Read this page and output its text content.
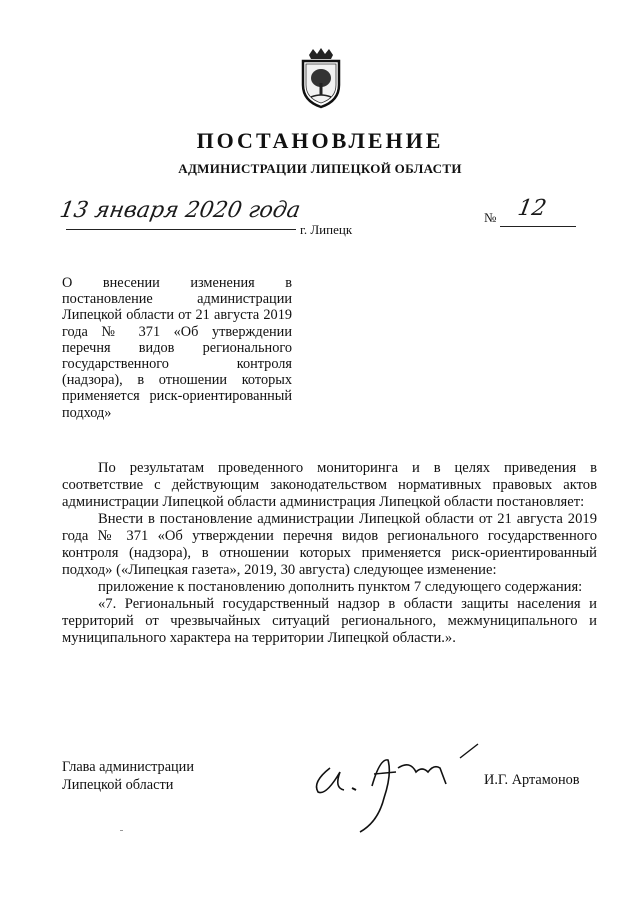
ПОСТАНОВЛЕНИЕ
АДМИНИСТРАЦИИ ЛИПЕЦКОЙ ОБЛАСТИ
13 января 2020 года
г. Липецк
№ 12
О внесении изменения в постановление администрации Липецкой области от 21 августа 2019 года № 371 «Об утверждении перечня видов регионального государственного контроля (надзора), в отношении которых применяется риск-ориентированный подход»

По результатам проведенного мониторинга и в целях приведения в соответствие с действующим законодательством нормативных правовых актов администрации Липецкой области администрация Липецкой области постановляет:

Внести в постановление администрации Липецкой области от 21 августа 2019 года № 371 «Об утверждении перечня видов регионального государственного контроля (надзора), в отношении которых применяется риск-ориентированный подход» («Липецкая газета», 2019, 30 августа) следующее изменение:

приложение к постановлению дополнить пунктом 7 следующего содержания:

«7. Региональный государственный надзор в области защиты населения и территорий от чрезвычайных ситуаций регионального, межмуниципального и муниципального характера на территории Липецкой области.».

Глава администрации
Липецкой области	И.Г. Артамонов
